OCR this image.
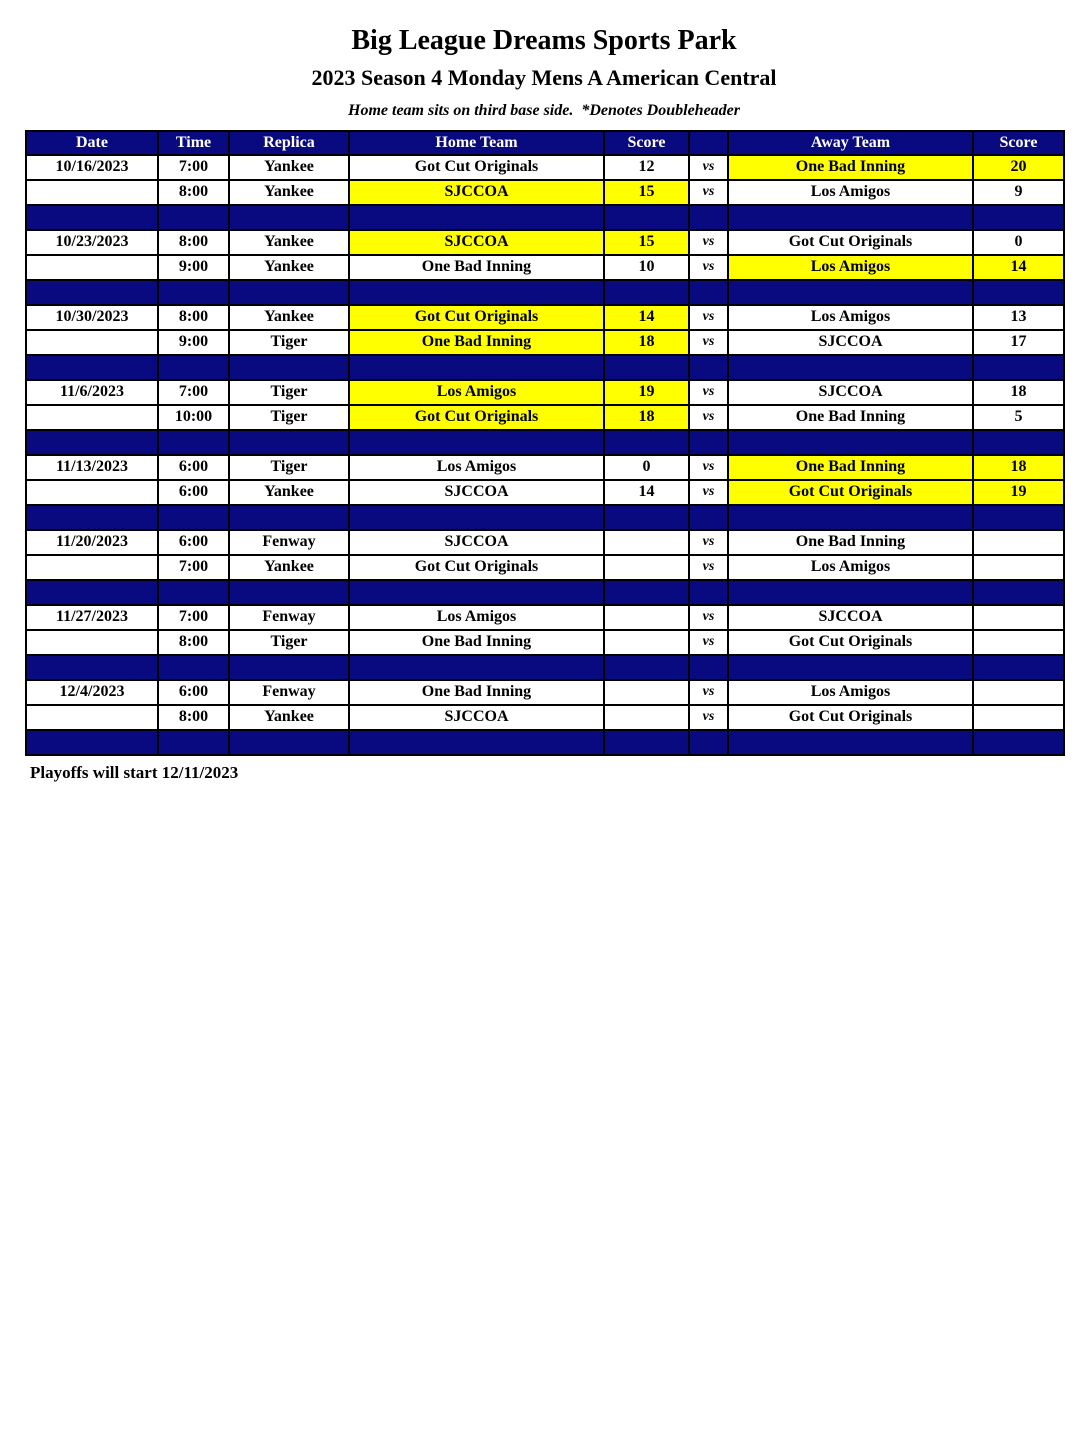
Big League Dreams Sports Park
2023 Season 4 Monday Mens A American Central
Home team sits on third base side.  *Denotes Doubleheader
Date	Time	Replica	Home Team	Score		Away Team	Score
10/16/2023	7:00	Yankee	Got Cut Originals	12	vs	One Bad Inning	20
	8:00	Yankee	SJCCOA	15	vs	Los Amigos	9

10/23/2023	8:00	Yankee	SJCCOA	15	vs	Got Cut Originals	0
	9:00	Yankee	One Bad Inning	10	vs	Los Amigos	14

10/30/2023	8:00	Yankee	Got Cut Originals	14	vs	Los Amigos	13
	9:00	Tiger	One Bad Inning	18	vs	SJCCOA	17

11/6/2023	7:00	Tiger	Los Amigos	19	vs	SJCCOA	18
	10:00	Tiger	Got Cut Originals	18	vs	One Bad Inning	5

11/13/2023	6:00	Tiger	Los Amigos	0	vs	One Bad Inning	18
	6:00	Yankee	SJCCOA	14	vs	Got Cut Originals	19

11/20/2023	6:00	Fenway	SJCCOA		vs	One Bad Inning	
	7:00	Yankee	Got Cut Originals		vs	Los Amigos	

11/27/2023	7:00	Fenway	Los Amigos		vs	SJCCOA	
	8:00	Tiger	One Bad Inning		vs	Got Cut Originals	

12/4/2023	6:00	Fenway	One Bad Inning		vs	Los Amigos	
	8:00	Yankee	SJCCOA		vs	Got Cut Originals	

Playoffs will start 12/11/2023
